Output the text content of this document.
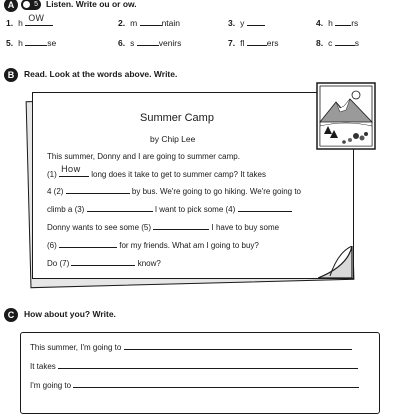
A	5 Listen. Write ou or ow.
1. h OW	2. m	ntain	3. y	4. h rs
5. h	se	6. s	venirs	7. fl	ers	8. c	s
B	Read. Look at the words above. Write.
Summer Camp
by Chip Lee
This summer, Donny and I are going to summer camp.
(1) How long does it take to get to summer camp? It takes
4 (2)	by bus. We're going to go hiking. We're going to
climb a (3)	I want to pick some (4)
Donny wants to see some (5)	I have to buy some
(6)	for my friends. What am I going to buy?
Do (7)	know?
C	How about you? Write.
This summer, I'm going to
It takes
I'm going to
